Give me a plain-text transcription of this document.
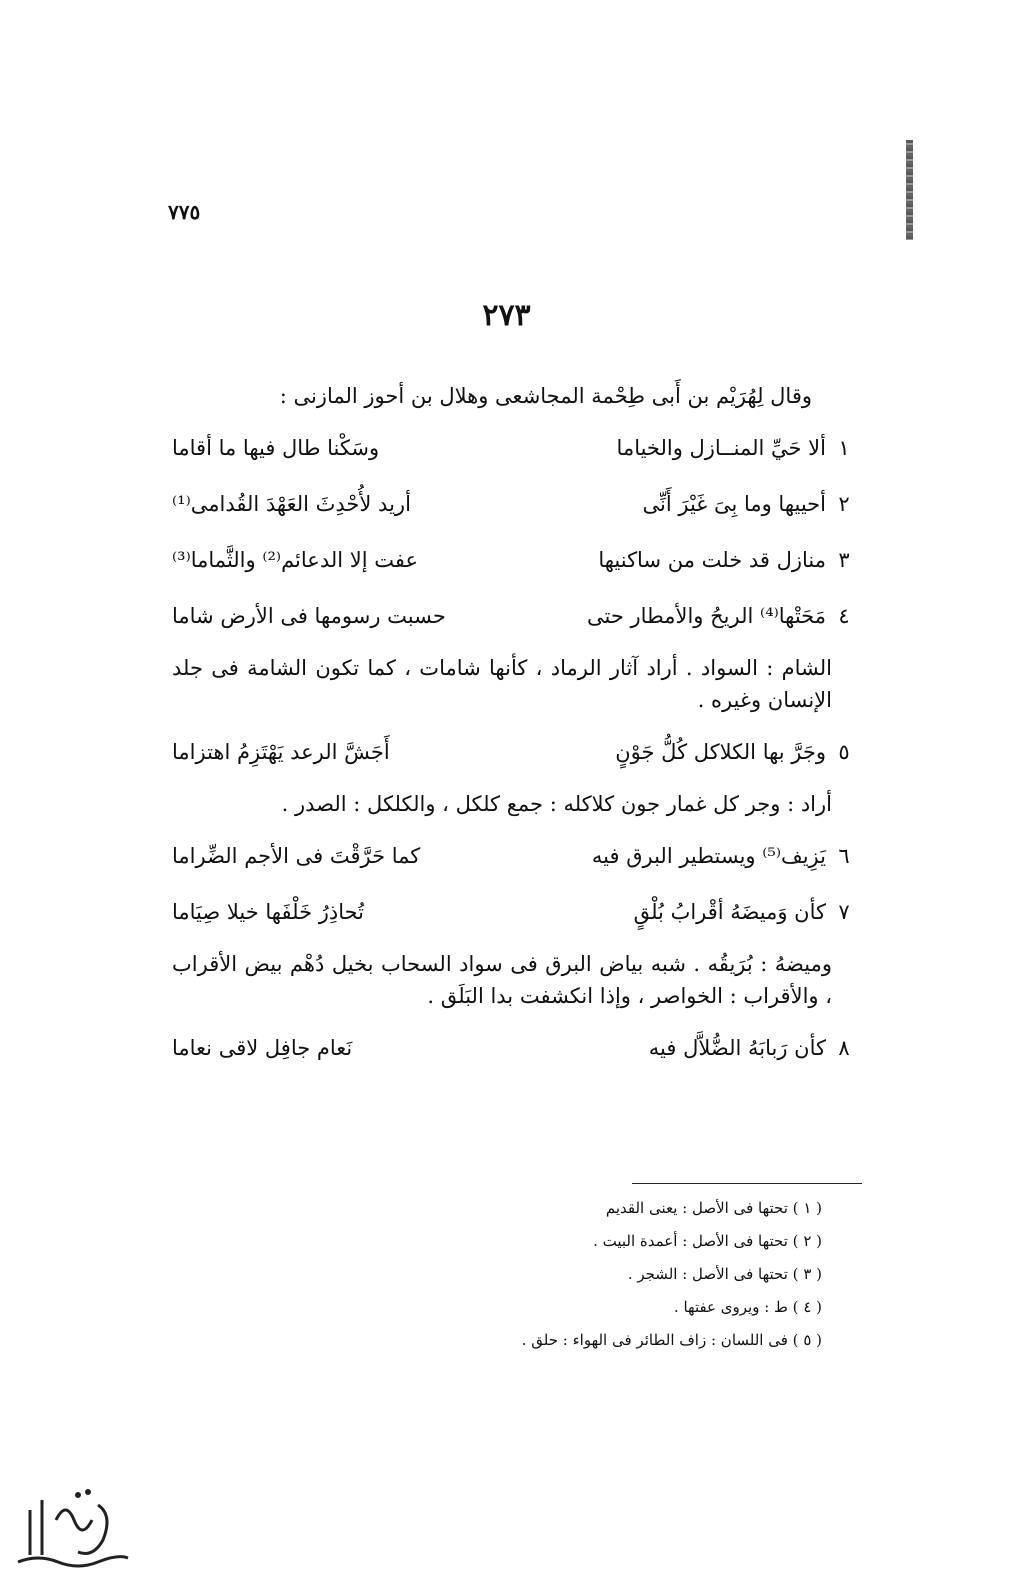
٧٧٥
٢٧٣
وقال لِهُرَيْم بن أَبى طِحْمة المجاشعى وهلال بن أحوز المازنى :
١
ألا حَيِّ المنــازل والخياما
وسَكْنا طال فيها ما أقاما
٢
أحييها وما بِىَ غَيْرَ أَنِّى
أريد لأُحْدِثَ العَهْدَ القُدامى⁽¹⁾
٣
منازل قد خلت من ساكنيها
عفت إلا الدعائم⁽²⁾ والثَّماما⁽³⁾
٤
مَحَتْها⁽⁴⁾ الريحُ والأمطار حتى
حسبت رسومها فى الأرض شاما
الشام : السواد . أراد آثار الرماد ، كأنها شامات ، كما تكون الشامة فى جلد الإنسان وغيره .
٥
وجَرَّ بها الكلاكل كُلُّ جَوْنٍ
أَجَشَّ الرعد يَهْتَزِمُ اهتزاما
أراد : وجر كل غمار جون كلاكله : جمع كلكل ، والكلكل : الصدر .
٦
يَزِيف⁽⁵⁾ ويستطير البرق فيه
كما حَرَّقْتَ فى الأجم الضِّراما
٧
كأن وَميضَهُ أقْرابُ بُلْقٍ
تُحاذِرُ خَلْفَها خيلا صِيَاما
وميضهُ : بُرَيقُه . شبه بياض البرق فى سواد السحاب بخيل دُهْم بيض الأقراب ، والأقراب : الخواصر ، وإذا انكشفت بدا البَلَق .
٨
كأن رَبابَهُ الضُّلاَّل فيه
نَعام جافِل لاقى نعاما
( ١ ) تحتها فى الأصل : يعنى القديم
( ٢ ) تحتها فى الأصل : أعمدة البيت .
( ٣ ) تحتها فى الأصل : الشجر .
( ٤ ) ط : ويروى عفتها .
( ٥ ) فى اللسان : زاف الطائر فى الهواء : حلق .
